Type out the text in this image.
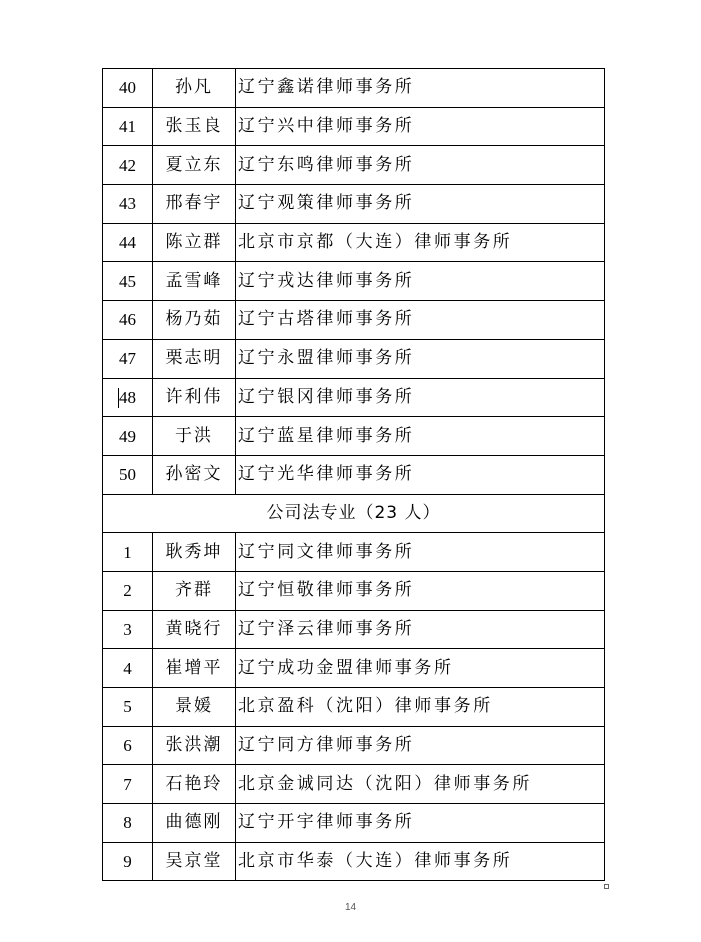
40	孙凡	辽宁鑫诺律师事务所
41	张玉良	辽宁兴中律师事务所
42	夏立东	辽宁东鸣律师事务所
43	邢春宇	辽宁观策律师事务所
44	陈立群	北京市京都（大连）律师事务所
45	孟雪峰	辽宁戎达律师事务所
46	杨乃茹	辽宁古塔律师事务所
47	栗志明	辽宁永盟律师事务所
48	许利伟	辽宁银冈律师事务所
49	于洪	辽宁蓝星律师事务所
50	孙密文	辽宁光华律师事务所
公司法专业（23 人）		
1	耿秀坤	辽宁同文律师事务所
2	齐群	辽宁恒敬律师事务所
3	黄晓行	辽宁泽云律师事务所
4	崔增平	辽宁成功金盟律师事务所
5	景媛	北京盈科（沈阳）律师事务所
6	张洪潮	辽宁同方律师事务所
7	石艳玲	北京金诚同达（沈阳）律师事务所
8	曲德刚	辽宁开宇律师事务所
9	吴京堂	北京市华泰（大连）律师事务所
14
